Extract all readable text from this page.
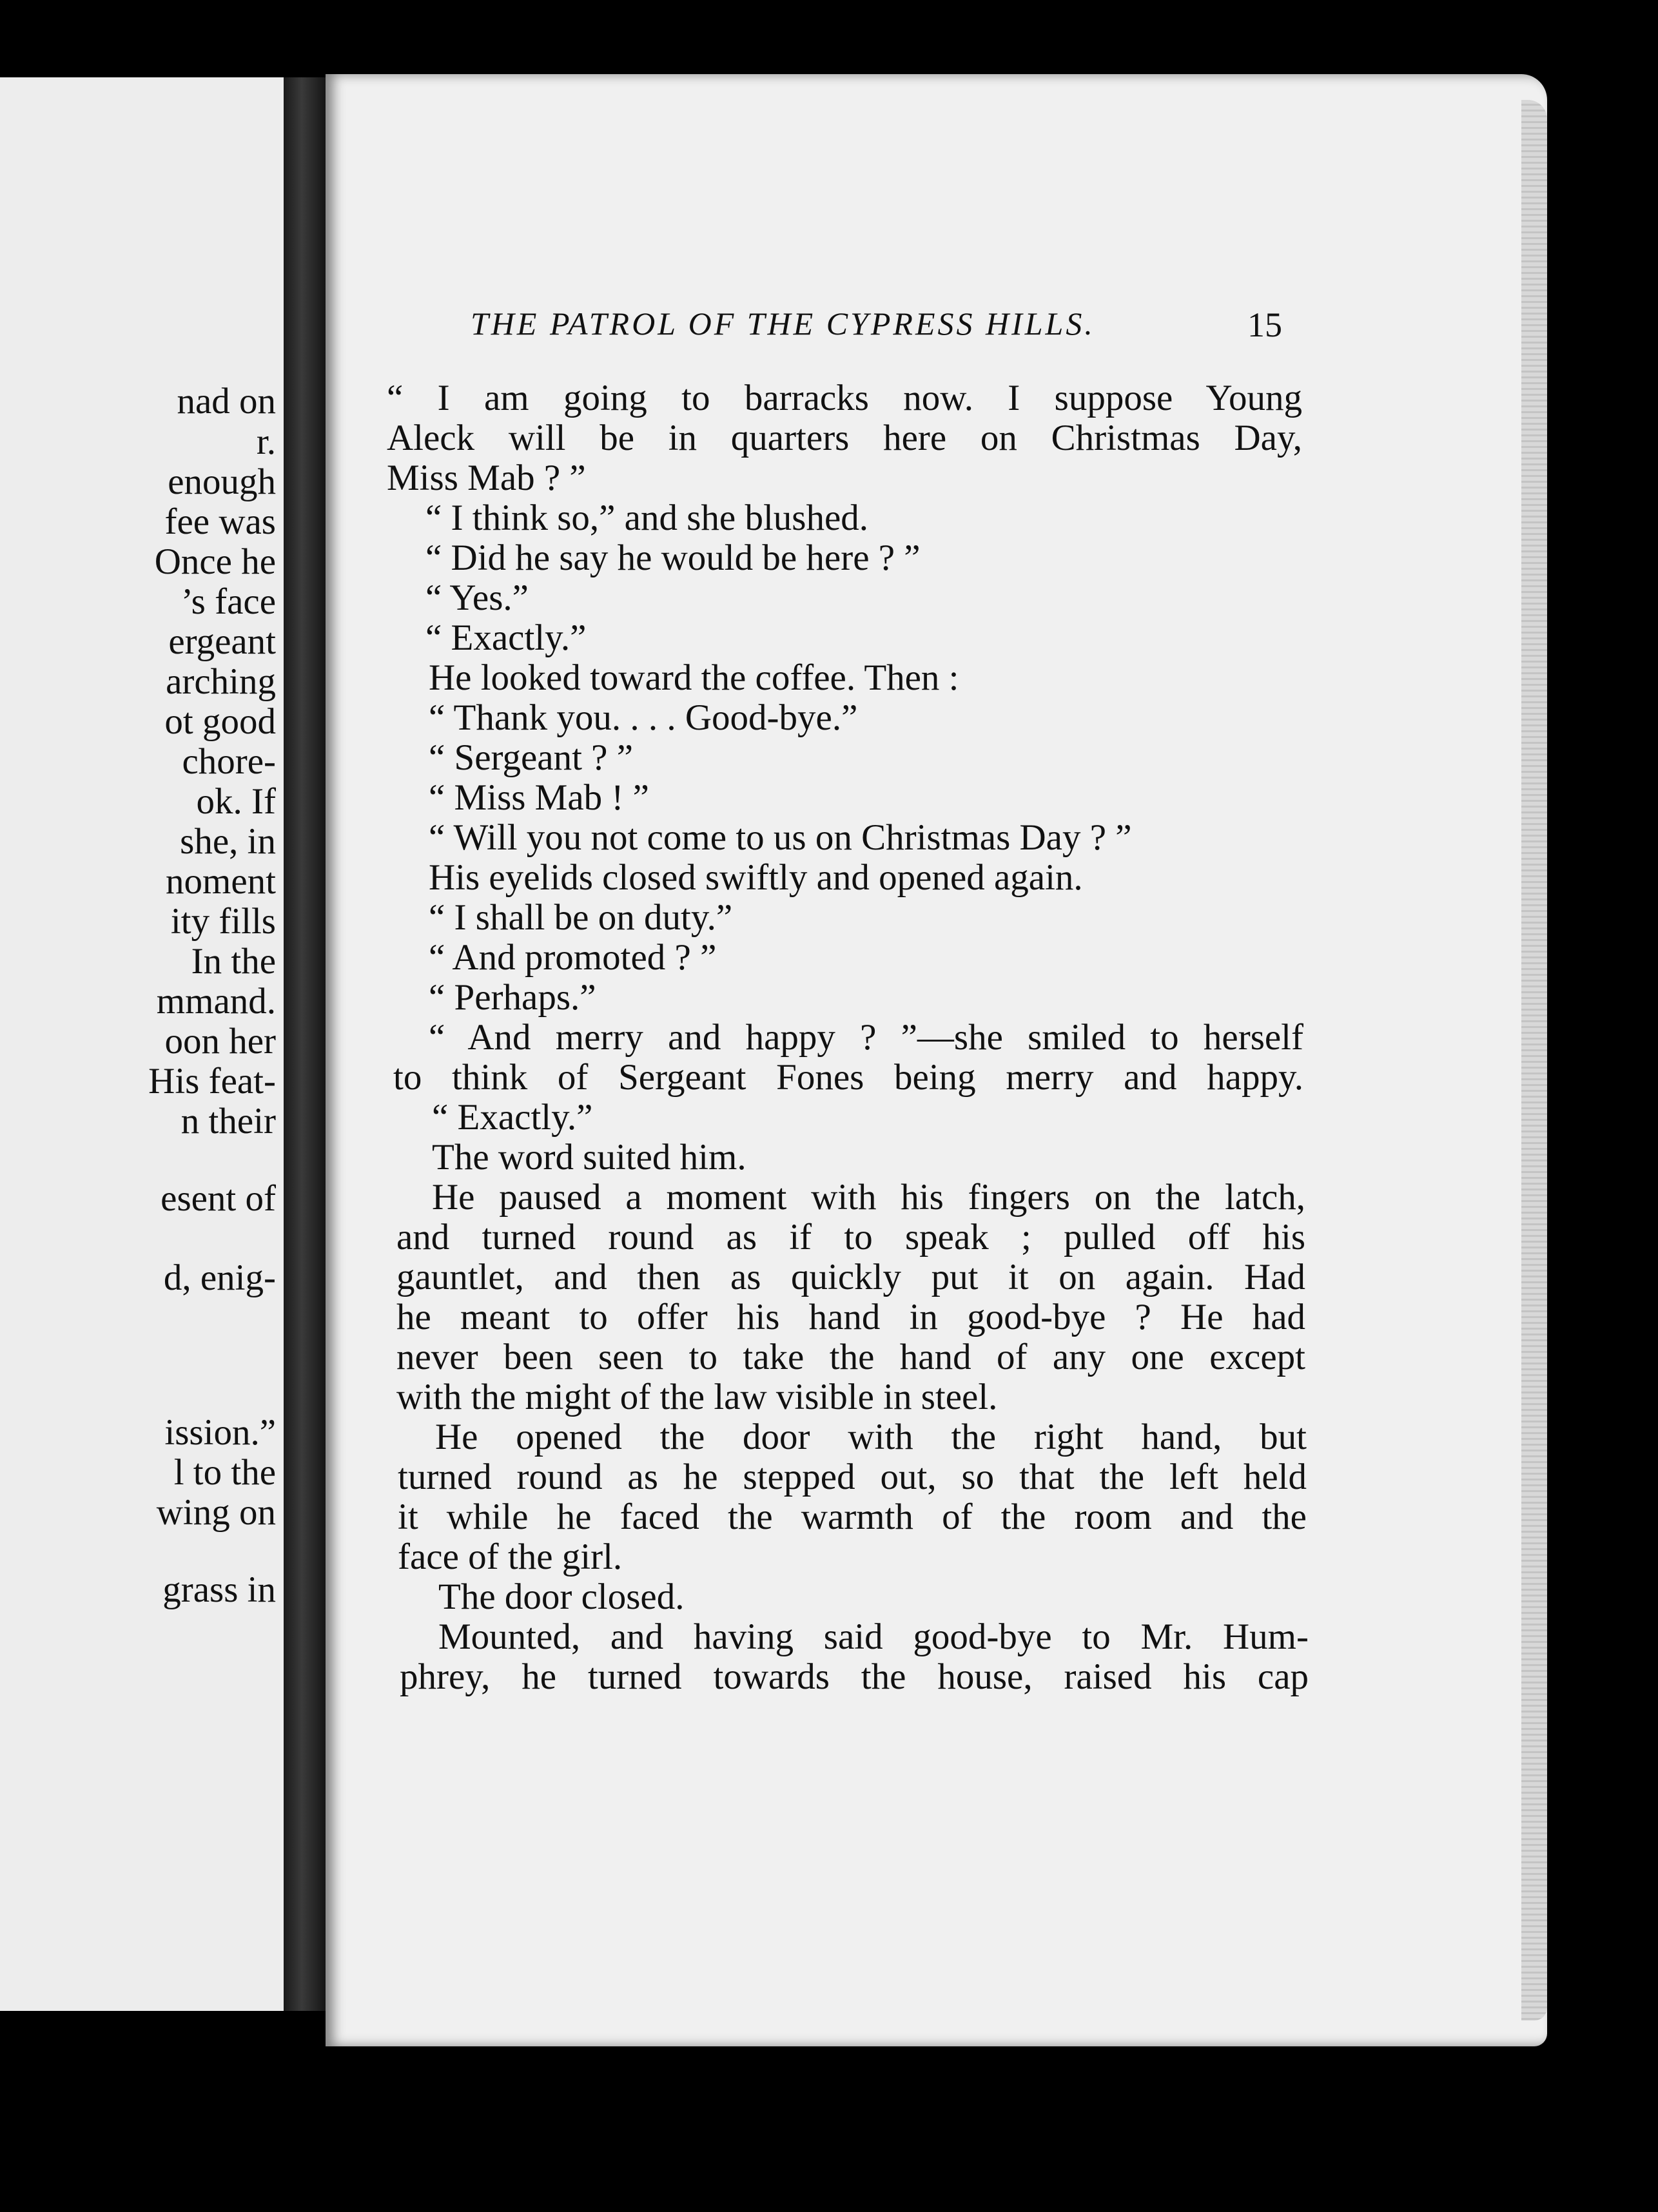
nad on
r.
enough
fee was
Once he
’s face
ergeant
arching
ot good
chore-
ok. If
she, in
noment
ity fills
In the
mmand.
oon her
His feat-
n their
esent of
d, enig-
ission.”
l to the
wing on
grass in
THE PATROL OF THE CYPRESS HILLS.	15
“ I am going to barracks now. I suppose Young
Aleck will be in quarters here on Christmas Day,
Miss Mab ? ”
“ I think so,” and she blushed.
“ Did he say he would be here ? ”
“ Yes.”
“ Exactly.”
He looked toward the coffee. Then :
“ Thank you. . . . Good-bye.”
“ Sergeant ? ”
“ Miss Mab ! ”
“ Will you not come to us on Christmas Day ? ”
His eyelids closed swiftly and opened again.
“ I shall be on duty.”
“ And promoted ? ”
“ Perhaps.”
“ And merry and happy ? ”—she smiled to herself
to think of Sergeant Fones being merry and happy.
“ Exactly.”
The word suited him.
He paused a moment with his fingers on the latch,
and turned round as if to speak ; pulled off his
gauntlet, and then as quickly put it on again. Had
he meant to offer his hand in good-bye ? He had
never been seen to take the hand of any one except
with the might of the law visible in steel.
He opened the door with the right hand, but
turned round as he stepped out, so that the left held
it while he faced the warmth of the room and the
face of the girl.
The door closed.
Mounted, and having said good-bye to Mr. Hum-
phrey, he turned towards the house, raised his cap
